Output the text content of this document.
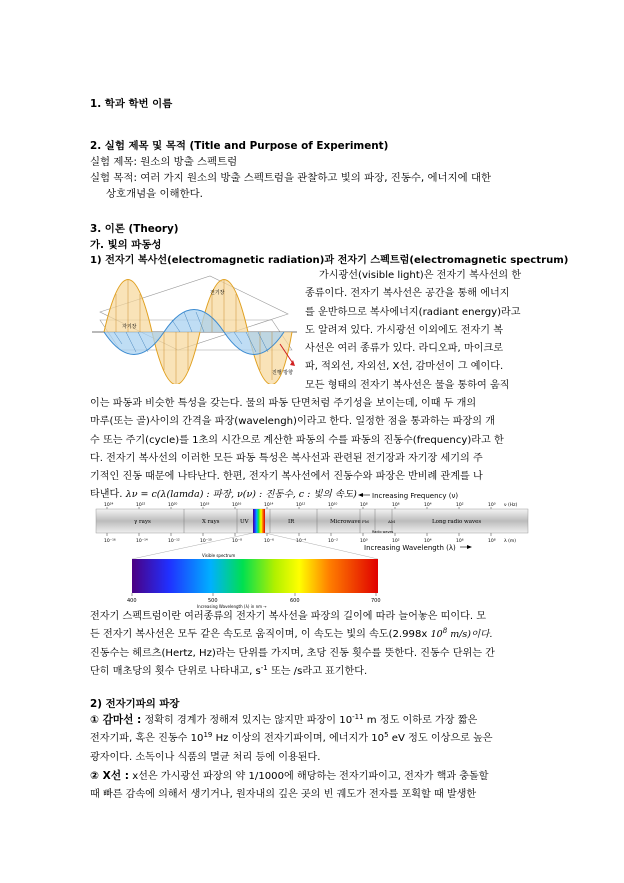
1. 학과 학번 이름
2. 실험 제목 및 목적 (Title and Purpose of Experiment)
실험 제목: 원소의 방출 스펙트럼
실험 목적: 여러 가지 원소의 방출 스펙트럼을 관찰하고 빛의 파장, 진동수, 에너지에 대한
상호개념을 이해한다.
3. 이론 (Theory)
가. 빛의 파동성
1) 전자기 복사선(electromagnetic radiation)과 전자기 스펙트럼(electromagnetic spectrum)
전기장
자기장
진행 방향
가시광선(visible light)은 전자기 복사선의 한
종류이다. 전자기 복사선은 공간을 통해 에너지
를 운반하므로 복사에너지(radiant energy)라고
도 알려져 있다. 가시광선 이외에도 전자기 복
사선은 여러 종류가 있다. 라디오파, 마이크로
파, 적외선, 자외선, X선, 감마선이 그 예이다.
모든 형태의 전자기 복사선은 물을 통하여 움직
이는 파동과 비슷한 특성을 갖는다. 물의 파동 단면처럼 주기성을 보이는데, 이때 두 개의
마루(또는 골)사이의 간격을 파장(wavelengh)이라고 한다. 일정한 점을 통과하는 파장의 개
수 또는 주기(cycle)를 1초의 시간으로 계산한 파동의 수를 파동의 진동수(frequency)라고 한
다. 전자기 복사선의 이러한 모든 파동 특성은 복사선과 관련된 전기장과 자기장 세기의 주
기적인 진동 때문에 나타난다. 한편, 전자기 복사선에서 진동수와 파장은 반비례 관계를 나
타낸다. λν = c(λ(lamda) : 파장, ν(ν) : 진동수, c : 빛의 속도)	Increasing Frequency (ν)
10²⁴	10²²	10²⁰	10¹⁸	10¹⁶	10¹⁴	10¹²	10¹⁰	10⁸	10⁶	10⁴	10²	10⁰ ν (Hz)
γ rays	X rays	UV	IR	Microwave FM	AM	Long radio waves
Radio waves
10⁻¹⁶	10⁻¹⁴	10⁻¹²	10⁻¹⁰	10⁻⁸	10⁻⁶	10⁻⁴	10⁻²	10⁰	10²	10⁴	10⁶	10⁸ λ (m)
Increasing Wavelength (λ)
Visible spectrum
400	500	600	700
Increasing Wavelength (λ) in nm →
전자기 스펙트럼이란 여러종류의 전자기 복사선을 파장의 길이에 따라 늘어놓은 띠이다. 모
든 전자기 복사선은 모두 같은 속도로 움직이며, 이 속도는 빛의 속도(2.998x $10^8$ m/s)이다.
진동수는 헤르츠(Hertz, Hz)라는 단위를 가지며, 초당 진동 횟수를 뜻한다. 진동수 단위는 간
단히 매초당의 횟수 단위로 나타내고, $s^{-1}$ 또는 /s라고 표기한다.
2) 전자기파의 파장
① 감마선 : 정확히 경계가 정해져 있지는 않지만 파장이 $10^{-11}$ m 정도 이하로 가장 짧은
전자기파, 혹은 진동수 $10^{19}$ Hz 이상의 전자기파이며, 에너지가 $10^5$ eV 정도 이상으로 높은
광자이다. 소독이나 식품의 멸균 처리 등에 이용된다.
② X선 : x선은 가시광선 파장의 약 1/1000에 해당하는 전자기파이고, 전자가 핵과 충돌할
때 빠른 감속에 의해서 생기거나, 원자내의 깊은 곳의 빈 궤도가 전자를 포획할 때 발생한
